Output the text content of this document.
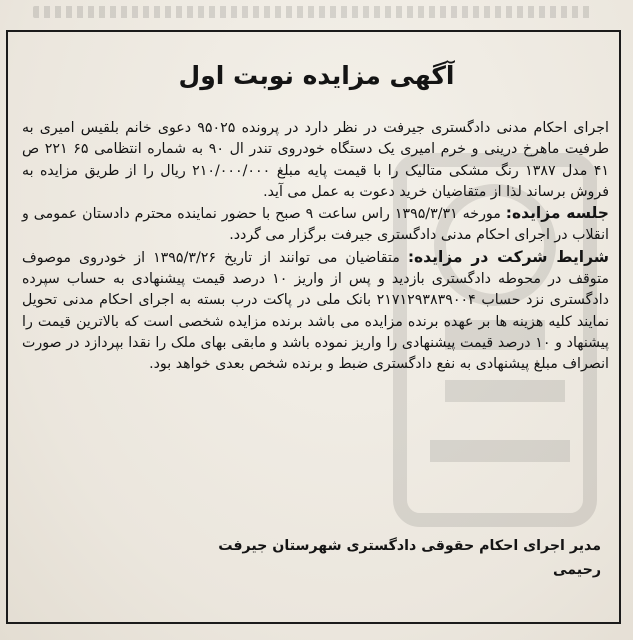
آگهی مزایده نوبت اول

اجرای احکام مدنی دادگستری جیرفت در نظر دارد در پرونده ۹۵۰۲۵ دعوی خانم بلقیس امیری به طرفیت ماهرخ درینی و خرم امیری یک دستگاه خودروی تندر ال ۹۰ به شماره انتظامی ۶۵ ۲۲۱ ص ۴۱ مدل ۱۳۸۷ رنگ مشکی متالیک را با قیمت پایه مبلغ ۲۱۰/۰۰۰/۰۰۰ ریال را از طریق مزایده به فروش برساند لذا از متقاضیان خرید دعوت به عمل می آید.

جلسه مزایده: مورخه ۱۳۹۵/۳/۳۱ راس ساعت ۹ صبح با حضور نماینده محترم دادستان عمومی و انقلاب در اجرای احکام مدنی دادگستری جیرفت برگزار می گردد.

شرایط شرکت در مزایده: متقاضیان می توانند از تاریخ ۱۳۹۵/۳/۲۶ از خودروی موصوف متوقف در محوطه دادگستری بازدید و پس از واریز ۱۰ درصد قیمت پیشنهادی به حساب سپرده دادگستری نزد حساب ۲۱۷۱۲۹۳۸۳۹۰۰۴ بانک ملی در پاکت درب بسته به اجرای احکام مدنی تحویل نمایند کلیه هزینه ها بر عهده برنده مزایده می باشد برنده مزایده شخصی است که بالاترین قیمت را پیشنهاد و ۱۰ درصد قیمت پیشنهادی را واریز نموده باشد و مابقی بهای ملک را نقدا بپردازد در صورت انصراف مبلغ پیشنهادی به نفع دادگستری ضبط و برنده شخص بعدی خواهد بود.

مدیر اجرای احکام حقوقی دادگستری شهرستان جیرفت
رحیمی
